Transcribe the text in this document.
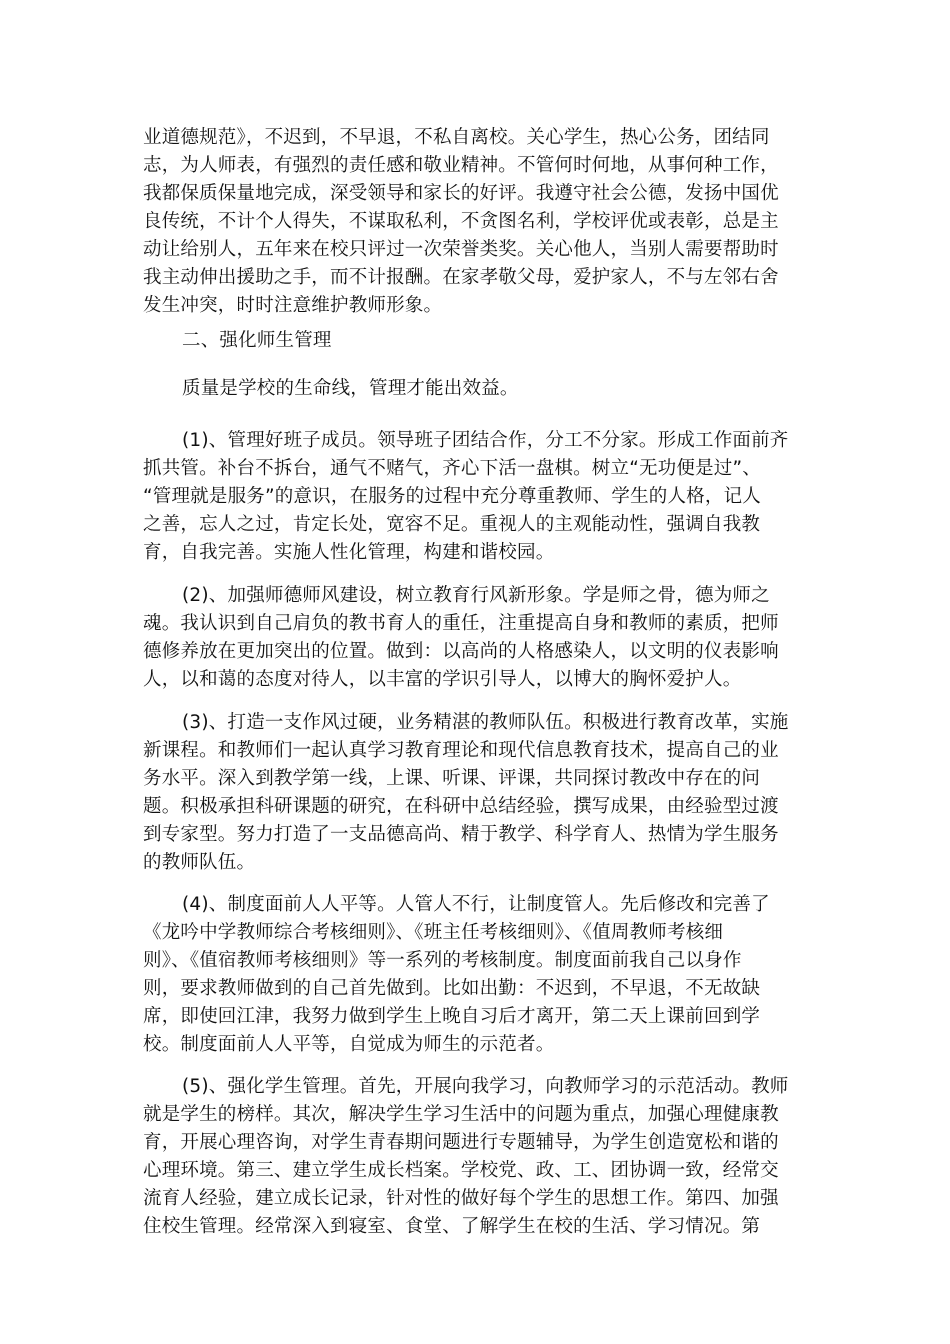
业道德规范》，不迟到，不早退，不私自离校。关心学生，热心公务，团结同
志，为人师表，有强烈的责任感和敬业精神。不管何时何地，从事何种工作，
我都保质保量地完成，深受领导和家长的好评。我遵守社会公德，发扬中国优
良传统，不计个人得失，不谋取私利，不贪图名利，学校评优或表彰，总是主
动让给别人，五年来在校只评过一次荣誉类奖。关心他人，当别人需要帮助时
我主动伸出援助之手，而不计报酬。在家孝敬父母，爱护家人，不与左邻右舍
发生冲突，时时注意维护教师形象。
二、强化师生管理
质量是学校的生命线，管理才能出效益。
(1)、管理好班子成员。领导班子团结合作，分工不分家。形成工作面前齐
抓共管。补台不拆台，通气不赌气，齐心下活一盘棋。树立“无功便是过”、
“管理就是服务”的意识，在服务的过程中充分尊重教师、学生的人格，记人
之善，忘人之过，肯定长处，宽容不足。重视人的主观能动性，强调自我教
育，自我完善。实施人性化管理，构建和谐校园。
(2)、加强师德师风建设，树立教育行风新形象。学是师之骨，德为师之
魂。我认识到自己肩负的教书育人的重任，注重提高自身和教师的素质，把师
德修养放在更加突出的位置。做到：以高尚的人格感染人，以文明的仪表影响
人，以和蔼的态度对待人，以丰富的学识引导人，以博大的胸怀爱护人。
(3)、打造一支作风过硬，业务精湛的教师队伍。积极进行教育改革，实施
新课程。和教师们一起认真学习教育理论和现代信息教育技术，提高自己的业
务水平。深入到教学第一线，上课、听课、评课，共同探讨教改中存在的问
题。积极承担科研课题的研究，在科研中总结经验，撰写成果，由经验型过渡
到专家型。努力打造了一支品德高尚、精于教学、科学育人、热情为学生服务
的教师队伍。
(4)、制度面前人人平等。人管人不行，让制度管人。先后修改和完善了
《龙吟中学教师综合考核细则》、《班主任考核细则》、《值周教师考核细
则》、《值宿教师考核细则》等一系列的考核制度。制度面前我自己以身作
则，要求教师做到的自己首先做到。比如出勤：不迟到，不早退，不无故缺
席，即使回江津，我努力做到学生上晚自习后才离开，第二天上课前回到学
校。制度面前人人平等，自觉成为师生的示范者。
(5)、强化学生管理。首先，开展向我学习，向教师学习的示范活动。教师
就是学生的榜样。其次，解决学生学习生活中的问题为重点，加强心理健康教
育，开展心理咨询，对学生青春期问题进行专题辅导，为学生创造宽松和谐的
心理环境。第三、建立学生成长档案。学校党、政、工、团协调一致，经常交
流育人经验，建立成长记录，针对性的做好每个学生的思想工作。第四、加强
住校生管理。经常深入到寝室、食堂、了解学生在校的生活、学习情况。第
